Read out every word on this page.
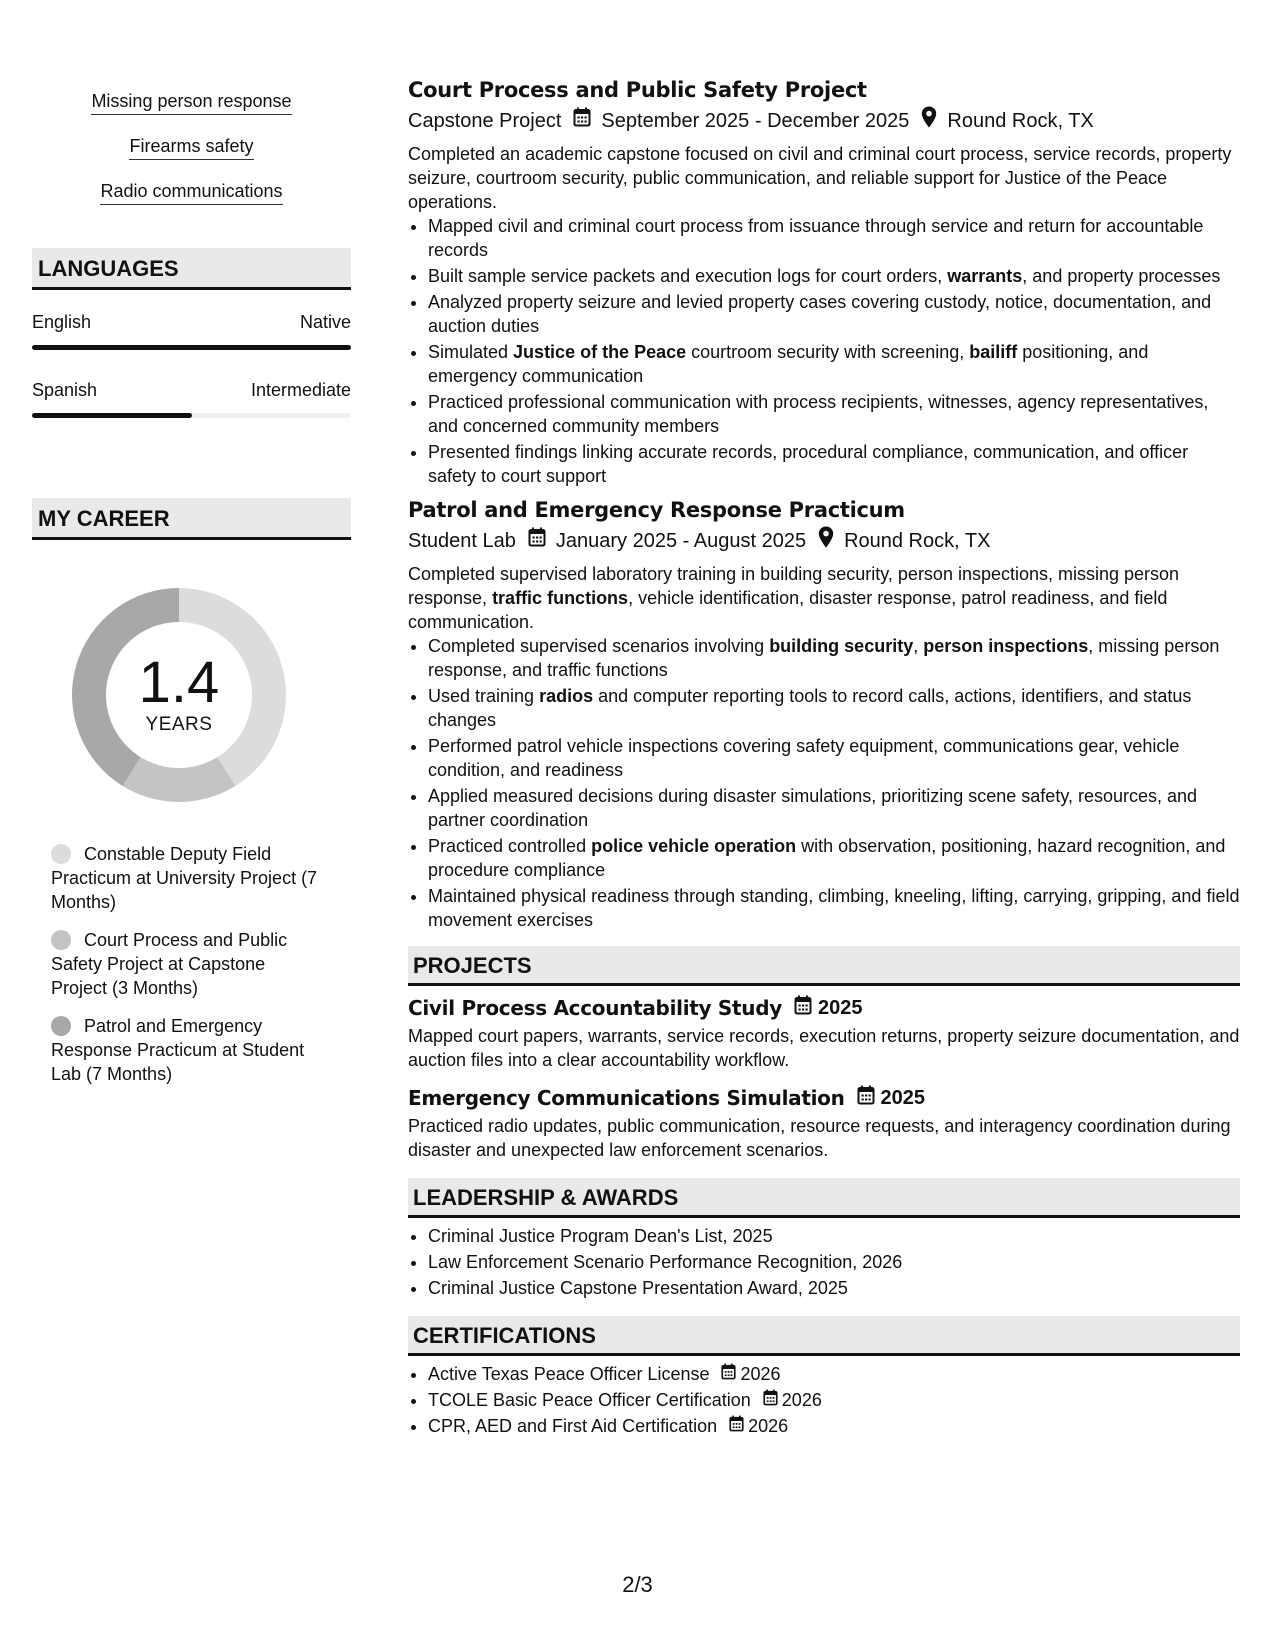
Missing person response
Firearms safety
Radio communications
LANGUAGES
English	Native
Spanish	Intermediate
MY CAREER
1.4
YEARS
Constable Deputy Field Practicum at University Project (7 Months)
Court Process and Public Safety Project at Capstone Project (3 Months)
Patrol and Emergency Response Practicum at Student Lab (7 Months)
Court Process and Public Safety Project
Capstone Project September 2025 - December 2025 Round Rock, TX
Completed an academic capstone focused on civil and criminal court process, service records, property seizure, courtroom security, public communication, and reliable support for Justice of the Peace operations.
• Mapped civil and criminal court process from issuance through service and return for accountable records
• Built sample service packets and execution logs for court orders, warrants, and property processes
• Analyzed property seizure and levied property cases covering custody, notice, documentation, and auction duties
• Simulated Justice of the Peace courtroom security with screening, bailiff positioning, and emergency communication
• Practiced professional communication with process recipients, witnesses, agency representatives, and concerned community members
• Presented findings linking accurate records, procedural compliance, communication, and officer safety to court support
Patrol and Emergency Response Practicum
Student Lab January 2025 - August 2025 Round Rock, TX
Completed supervised laboratory training in building security, person inspections, missing person response, traffic functions, vehicle identification, disaster response, patrol readiness, and field communication.
• Completed supervised scenarios involving building security, person inspections, missing person response, and traffic functions
• Used training radios and computer reporting tools to record calls, actions, identifiers, and status changes
• Performed patrol vehicle inspections covering safety equipment, communications gear, vehicle condition, and readiness
• Applied measured decisions during disaster simulations, prioritizing scene safety, resources, and partner coordination
• Practiced controlled police vehicle operation with observation, positioning, hazard recognition, and procedure compliance
• Maintained physical readiness through standing, climbing, kneeling, lifting, carrying, gripping, and field movement exercises
PROJECTS
Civil Process Accountability Study 2025
Mapped court papers, warrants, service records, execution returns, property seizure documentation, and auction files into a clear accountability workflow.
Emergency Communications Simulation 2025
Practiced radio updates, public communication, resource requests, and interagency coordination during disaster and unexpected law enforcement scenarios.
LEADERSHIP & AWARDS
• Criminal Justice Program Dean's List, 2025
• Law Enforcement Scenario Performance Recognition, 2026
• Criminal Justice Capstone Presentation Award, 2025
CERTIFICATIONS
• Active Texas Peace Officer License 2026
• TCOLE Basic Peace Officer Certification 2026
• CPR, AED and First Aid Certification 2026
2/3
